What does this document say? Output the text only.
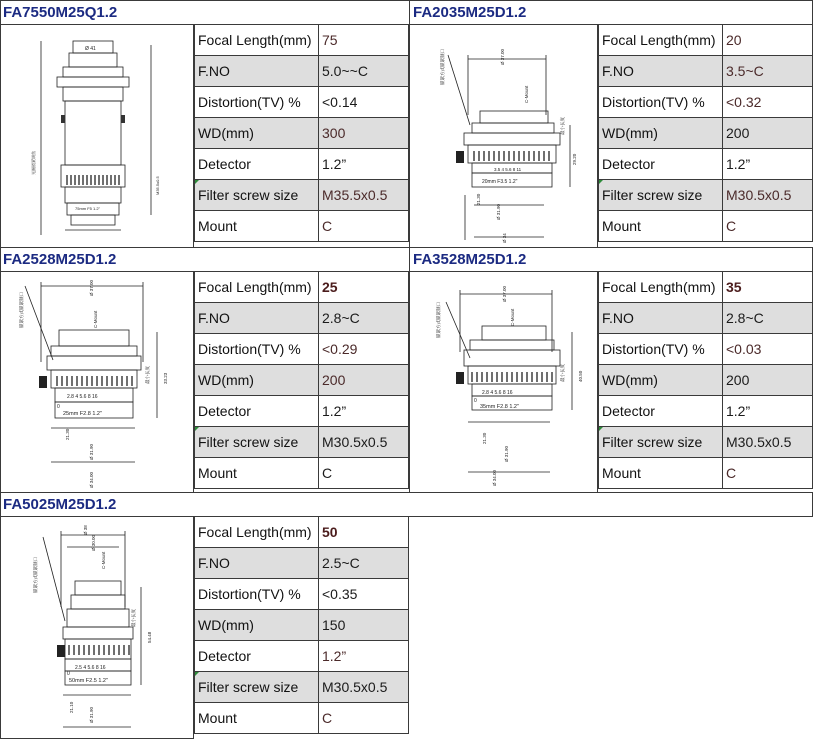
FA7550M25Q1.2
Ø 41
光圈锁紧调焦
M35.5x0.5
75mm F5 1.2"
Focal Length(mm)	75
F.NO	5.0~~C
Distortion(TV) %	<0.14
WD(mm)	300
Detector	1.2”

Filter screw size	M35.5x0.5
Mount	C
FA2035M25D1.2
锁紧方式锁紧顺口	Ø 37.00
C-Mount
3.5 4 5.6 8 11
20mm F3.5 1.2"
29.20
最小长度
21.30
Ø 31.90
Ø 34
Focal Length(mm)	20
F.NO	3.5~C
Distortion(TV) %	<0.32
WD(mm)	200
Detector	1.2”

Filter screw size	M30.5x0.5
Mount	C
FA2528M25D1.2
锁紧方式锁紧顺口
Ø 37.00
C-Mount
2.8 4 5.6 8 16
0
25mm F2.8 1.2"
33.23
最小长度
21.30
Ø 31.90
Ø 34.00
Focal Length(mm)	25
F.NO	2.8~C
Distortion(TV) %	<0.29
WD(mm)	200
Detector	1.2”

Filter screw size	M30.5x0.5
Mount	C
FA3528M25D1.2
锁紧方式锁紧顺口
Ø 37.00
C-Mount
2.8 4 5.6 8 16
0
35mm F2.8 1.2"
40.50
最小长度
21.30
Ø 31.90
Ø 34.00
Focal Length(mm)	35
F.NO	2.8~C
Distortion(TV) %	<0.03
WD(mm)	200
Detector	1.2”

Filter screw size	M30.5x0.5
Mount	C
FA5025M25D1.2
锁紧方式锁紧顺口
Ø 38
Ø 30.00
C-Mount
2.5 4 5.6 8 16
0
50mm F2.5 1.2"
54.48
最小长度
21.10	Ø 31.90
Focal Length(mm)	50
F.NO	2.5~C
Distortion(TV) %	<0.35
WD(mm)	150
Detector	1.2”

Filter screw size	M30.5x0.5
Mount	C
